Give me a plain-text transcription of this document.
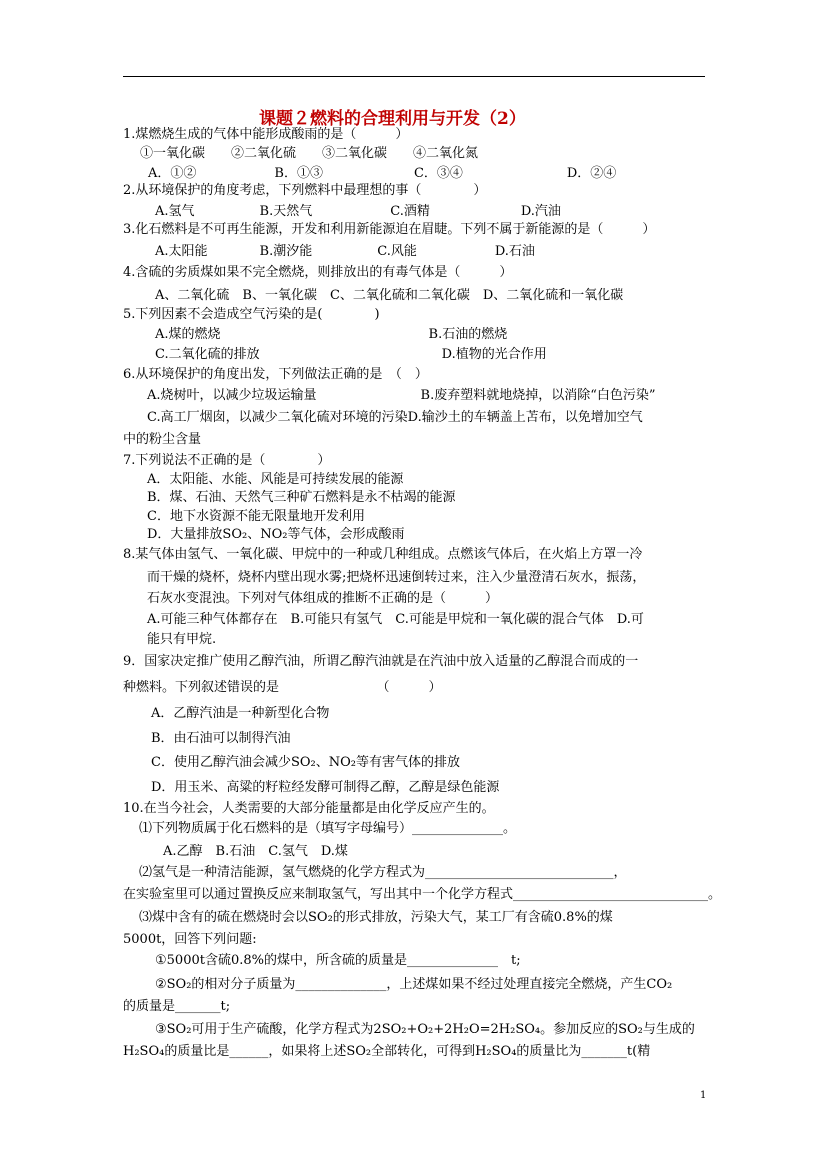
课题２燃料的合理利用与开发（2）
1.煤燃烧生成的气体中能形成酸雨的是（　　　）
①一氧化碳　　②二氧化硫　　③二氧化碳　　④二氧化氮
A．①②　　　　　　B．①③　　　　　　　C．③④　　　　　　　　D．②④
2.从环境保护的角度考虑，下列燃料中最理想的事（　　　　）
A.氢气　　　　　B.天然气　　　　　　C.酒精　　　　　　　D.汽油
3.化石燃料是不可再生能源，开发和利用新能源迫在眉睫。下列不属于新能源的是（　　　）
A.太阳能　　　　B.潮汐能　　　　　C.风能　　　　　　D.石油
4.含硫的劣质煤如果不完全燃烧，则排放出的有毒气体是（　　　）
A、二氧化硫　B、一氧化碳　C、二氧化硫和二氧化碳　D、二氧化硫和一氧化碳
5.下列因素不会造成空气污染的是(　　　　)
A.煤的燃烧　　　　　　　　　　　　　　　　B.石油的燃烧
C.二氧化硫的排放　　　　　　　　　　　　　　D.植物的光合作用
6.从环境保护的角度出发，下列做法正确的是　（　）
A.烧树叶，以减少垃圾运输量　　　　　　　　B.废弃塑料就地烧掉，以消除“白色污染”
C.高工厂烟囱，以减少二氧化硫对环境的污染D.输沙土的车辆盖上苫布，以免增加空气
中的粉尘含量
7.下列说法不正确的是（　　　　）
A．太阳能、水能、风能是可持续发展的能源
B．煤、石油、天然气三种矿石燃料是永不枯竭的能源
C．地下水资源不能无限量地开发利用
D．大量排放SO₂、NO₂等气体，会形成酸雨
8.某气体由氢气、一氧化碳、甲烷中的一种或几种组成。点燃该气体后，在火焰上方罩一冷
而干燥的烧杯，烧杯内壁出现水雾;把烧杯迅速倒转过来，注入少量澄清石灰水，振荡，
石灰水变混浊。下列对气体组成的推断不正确的是（　　　）
A.可能三种气体都存在　B.可能只有氢气　C.可能是甲烷和一氧化碳的混合气体　D.可
能只有甲烷.
9．国家决定推广使用乙醇汽油，所谓乙醇汽油就是在汽油中放入适量的乙醇混合而成的一
种燃料。下列叙述错误的是　　　　　　　　（　　　）
A．乙醇汽油是一种新型化合物
B．由石油可以制得汽油
C．使用乙醇汽油会减少SO₂、NO₂等有害气体的排放
D．用玉米、高粱的籽粒经发酵可制得乙醇，乙醇是绿色能源
10.在当今社会，人类需要的大部分能量都是由化学反应产生的。
⑴下列物质属于化石燃料的是（填写字母编号）______________。
A.乙醇　B.石油　C.氢气　D.煤
⑵氢气是一种清洁能源，氢气燃烧的化学方程式为_____________________________，
在实验室里可以通过置换反应来制取氢气，写出其中一个化学方程式______________________________。
⑶煤中含有的硫在燃烧时会以SO₂的形式排放，污染大气，某工厂有含硫0.8%的煤
5000t，回答下列问题:
①5000t含硫0.8%的煤中，所含硫的质量是______________　t;
②SO₂的相对分子质量为______________，上述煤如果不经过处理直接完全燃烧，产生CO₂
的质量是_______t;
③SO₂可用于生产硫酸，化学方程式为2SO₂+O₂+2H₂O=2H₂SO₄。参加反应的SO₂与生成的
H₂SO₄的质量比是______，如果将上述SO₂全部转化，可得到H₂SO₄的质量比为_______t(精
1
